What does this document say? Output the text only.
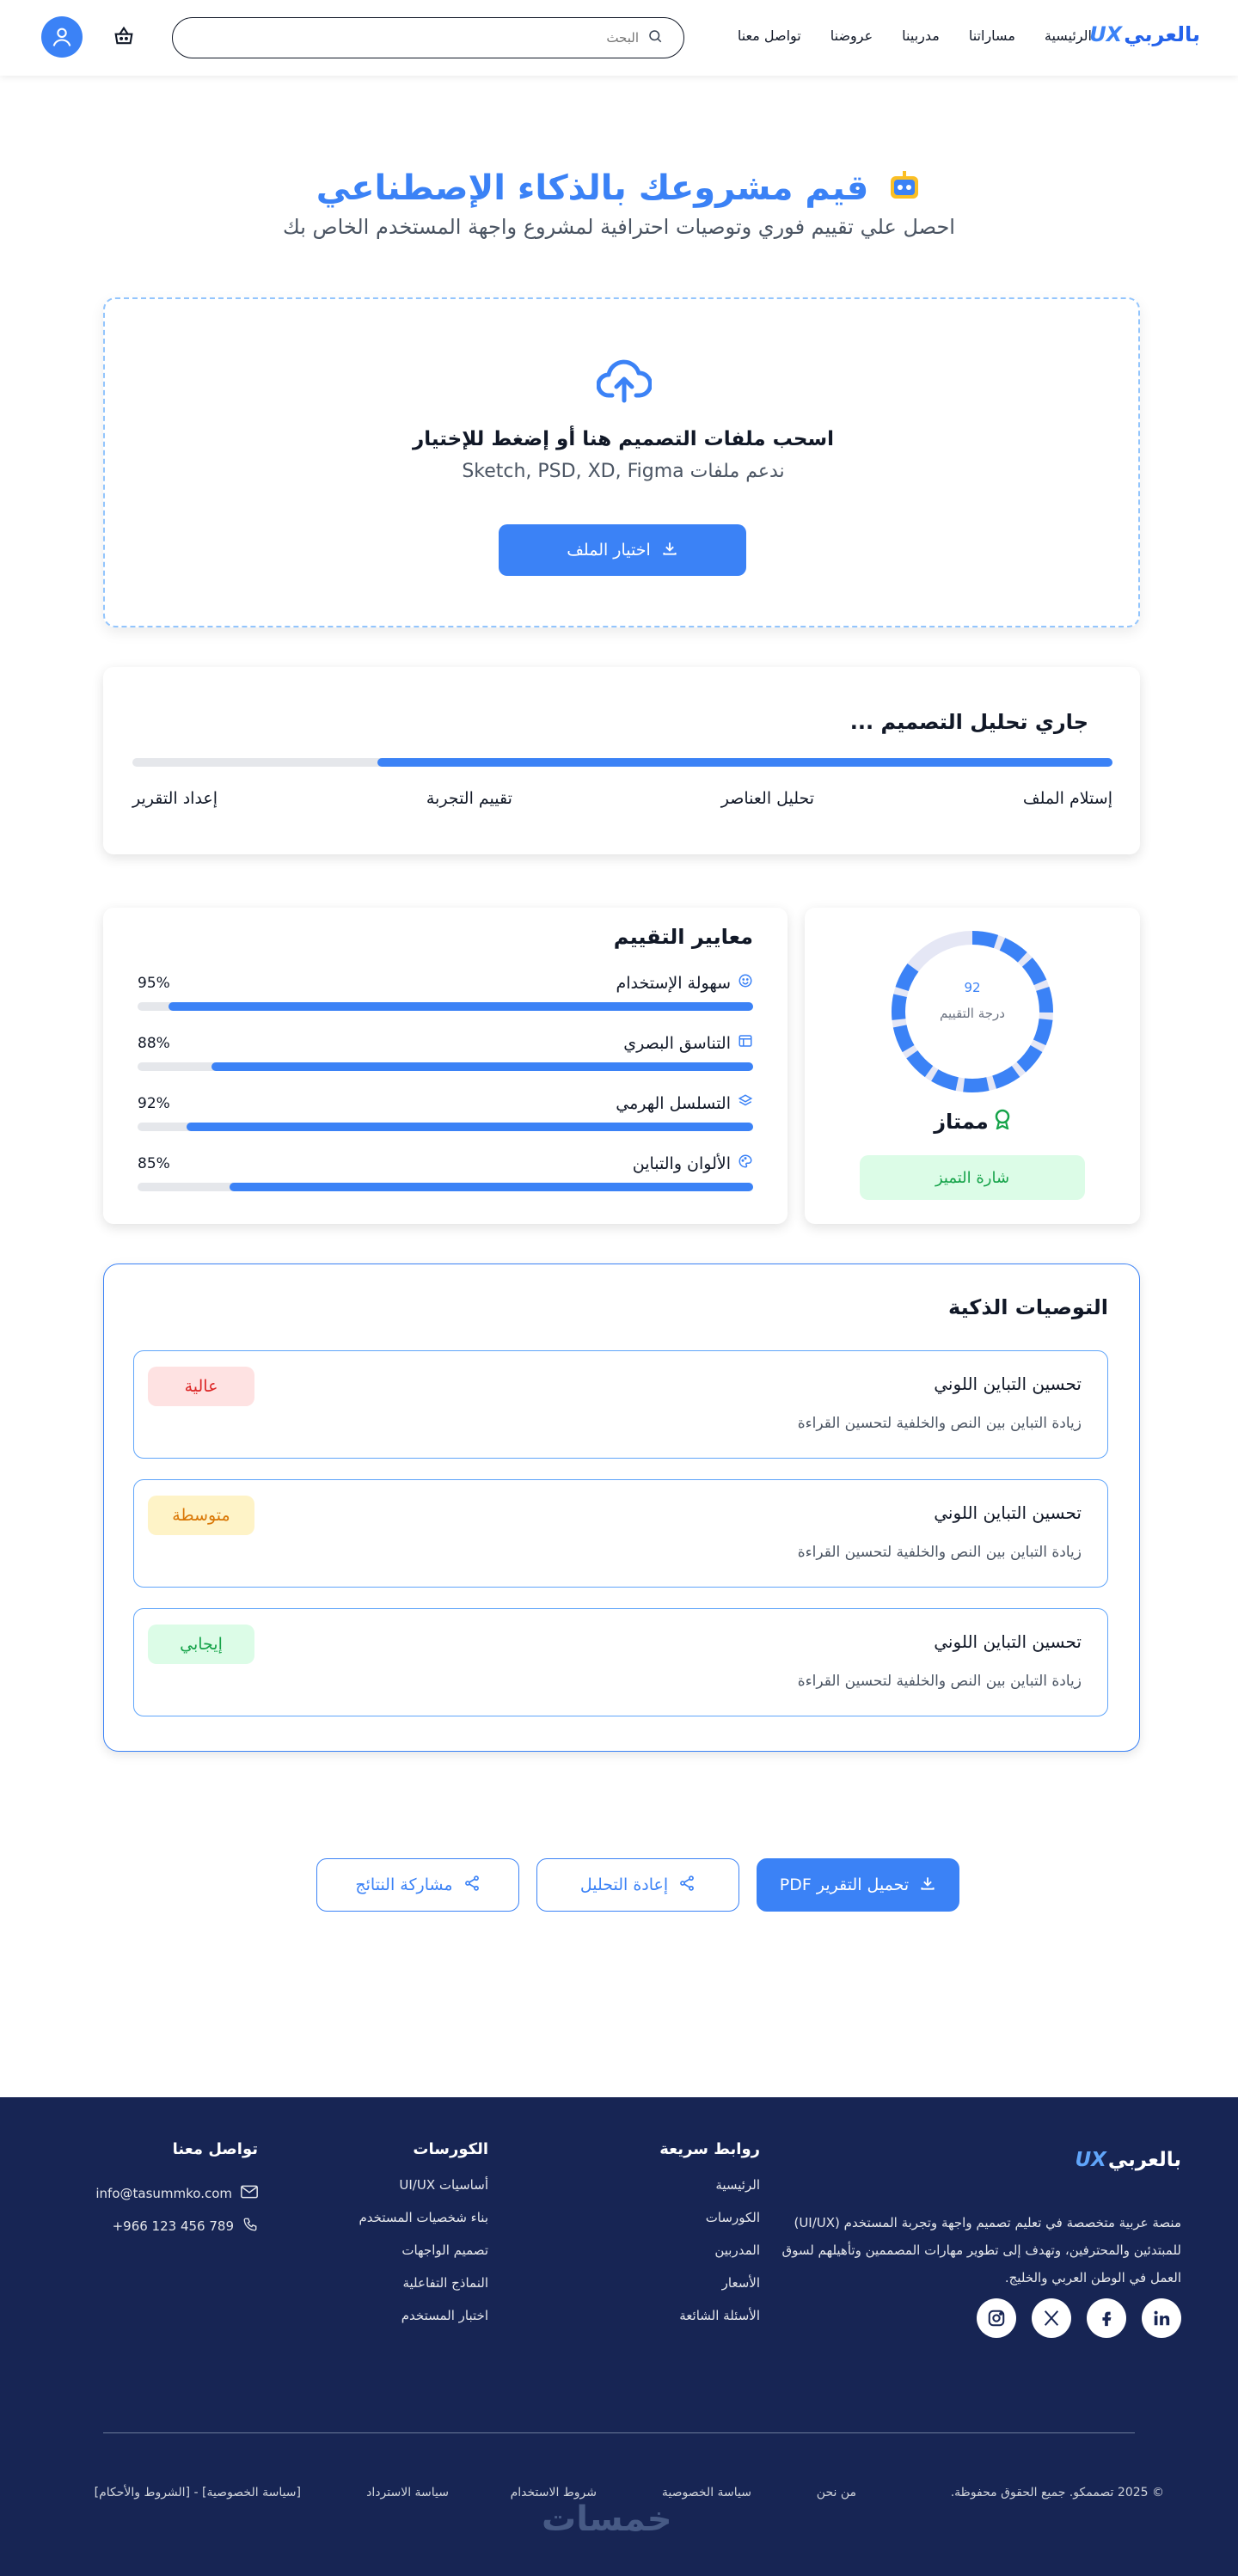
بالعربي
UX
الرئيسية
مساراتنا
مدربينا
عروضنا
تواصل معنا
البحث
قيم مشروعك بالذكاء الإصطناعي

احصل علي تقييم فوري وتوصيات احترافية لمشروع واجهة المستخدم الخاص بك

اسحب ملفات التصميم هنا أو إضغط للإختيار
ندعم ملفات Sketch, PSD, XD, Figma
اختيار الملف
جاري تحليل التصميم ...
إستلام الملف
تحليل العناصر
تقييم التجربة
إعداد التقرير
92
درجة التقييم
ممتاز
شارة التميز
معايير التقييم
سهولة الإستخدام
95%
التناسق البصري
88%
التسلسل الهرمي
92%
الألوان والتباين
85%
التوصيات الذكية
تحسين التباين اللوني
زيادة التباين بين النص والخلفية لتحسين القراءة
عالية
تحسين التباين اللوني
زيادة التباين بين النص والخلفية لتحسين القراءة
متوسطة
تحسين التباين اللوني
زيادة التباين بين النص والخلفية لتحسين القراءة
إيجابي
تحميل التقرير PDF
إعادة التحليل
مشاركة النتائج
بالعربي
UX

منصة عربية متخصصة في تعليم تصميم واجهة وتجربة المستخدم (UI/UX) للمبتدئين والمحترفين، وتهدف إلى تطوير مهارات المصممين وتأهيلهم لسوق العمل في الوطن العربي والخليج.

روابط سريعة
الرئيسية
الكورسات
المدربين
الأسعار
الأسئلة الشائعة
الكورسات
أساسيات UI/UX
بناء شخصيات المستخدم
تصميم الواجهات
النماذج التفاعلية
اختبار المستخدم
تواصل معنا
info@tasummko.com
+966 123 456 789
© 2025 تصممكو. جميع الحقوق محفوظة.
من نحن
سياسة الخصوصية
شروط الاستخدام
سياسة الاسترداد
[سياسة الخصوصية] - [الشروط والأحكام]
خمسات
